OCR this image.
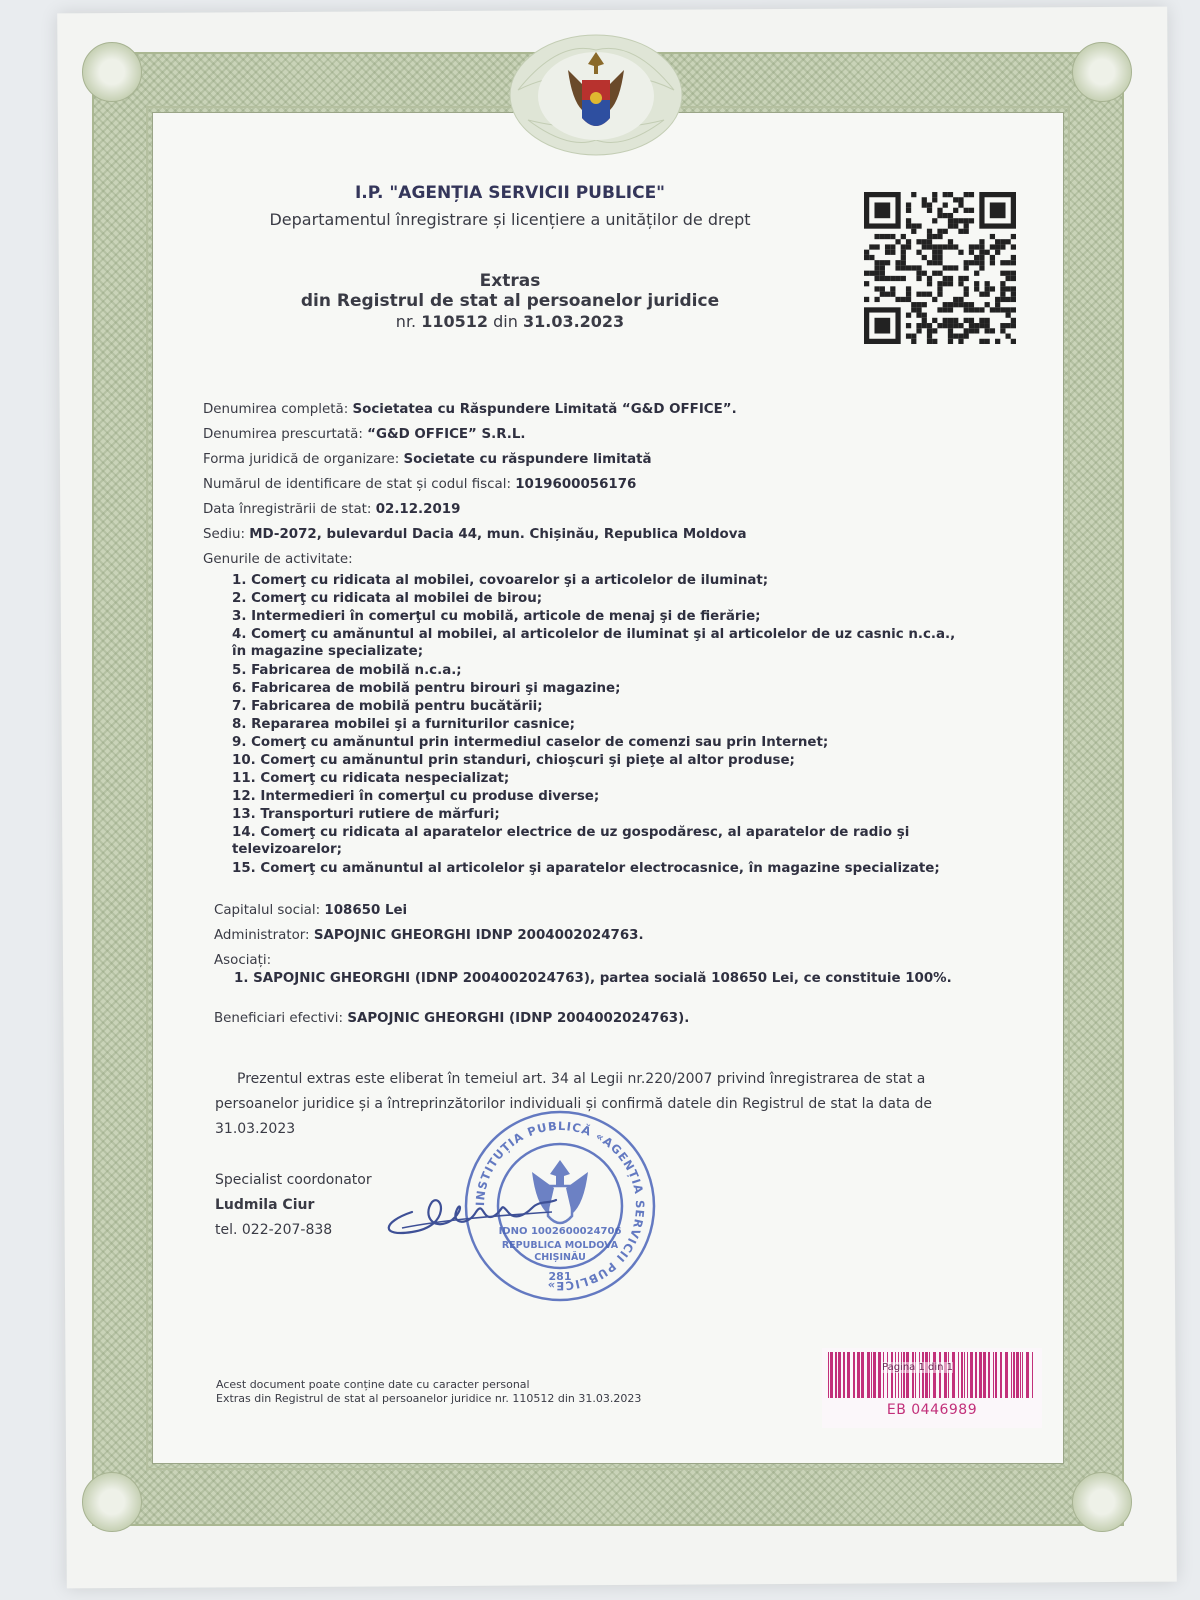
I.P. "AGENȚIA SERVICII PUBLICE"
Departamentul înregistrare și licențiere a unităților de drept
Extras
din Registrul de stat al persoanelor juridice
nr. 110512 din 31.03.2023
Denumirea completă: Societatea cu Răspundere Limitată “G&D OFFICE”.
Denumirea prescurtată: “G&D OFFICE” S.R.L.
Forma juridică de organizare: Societate cu răspundere limitată
Numărul de identificare de stat și codul fiscal: 1019600056176
Data înregistrării de stat: 02.12.2019
Sediu: MD-2072, bulevardul Dacia 44, mun. Chișinău, Republica Moldova
Genurile de activitate:
1. Comerţ cu ridicata al mobilei, covoarelor şi a articolelor de iluminat;
2. Comerţ cu ridicata al mobilei de birou;
3. Intermedieri în comerţul cu mobilă, articole de menaj şi de fierărie;
4. Comerţ cu amănuntul al mobilei, al articolelor de iluminat şi al articolelor de uz casnic n.c.a., în magazine specializate;
5. Fabricarea de mobilă n.c.a.;
6. Fabricarea de mobilă pentru birouri şi magazine;
7. Fabricarea de mobilă pentru bucătării;
8. Repararea mobilei şi a furniturilor casnice;
9. Comerţ cu amănuntul prin intermediul caselor de comenzi sau prin Internet;
10. Comerţ cu amănuntul prin standuri, chioşcuri şi pieţe al altor produse;
11. Comerţ cu ridicata nespecializat;
12. Intermedieri în comerţul cu produse diverse;
13. Transporturi rutiere de mărfuri;
14. Comerţ cu ridicata al aparatelor electrice de uz gospodăresc, al aparatelor de radio şi televizoarelor;
15. Comerţ cu amănuntul al articolelor şi aparatelor electrocasnice, în magazine specializate;
Capitalul social: 108650 Lei
Administrator: SAPOJNIC GHEORGHI IDNP 2004002024763.
Asociați:
1. SAPOJNIC GHEORGHI (IDNP 2004002024763), partea socială 108650 Lei, ce constituie 100%.
Beneficiari efectivi: SAPOJNIC GHEORGHI (IDNP 2004002024763).
Prezentul extras este eliberat în temeiul art. 34 al Legii nr.220/2007 privind înregistrarea de stat a persoanelor juridice și a întreprinzătorilor individuali și confirmă datele din Registrul de stat la data de 31.03.2023
Specialist coordonator
Ludmila Ciur
tel. 022-207-838
INSTITUȚIA PUBLICĂ «AGENȚIA SERVICII PUBLICE»
IDNO 1002600024706
REPUBLICA MOLDOVA
CHIȘINĂU
281
Acest document poate conține date cu caracter personal
Extras din Registrul de stat al persoanelor juridice nr. 110512 din 31.03.2023
Pagina 1 din 1
EB 0446989
